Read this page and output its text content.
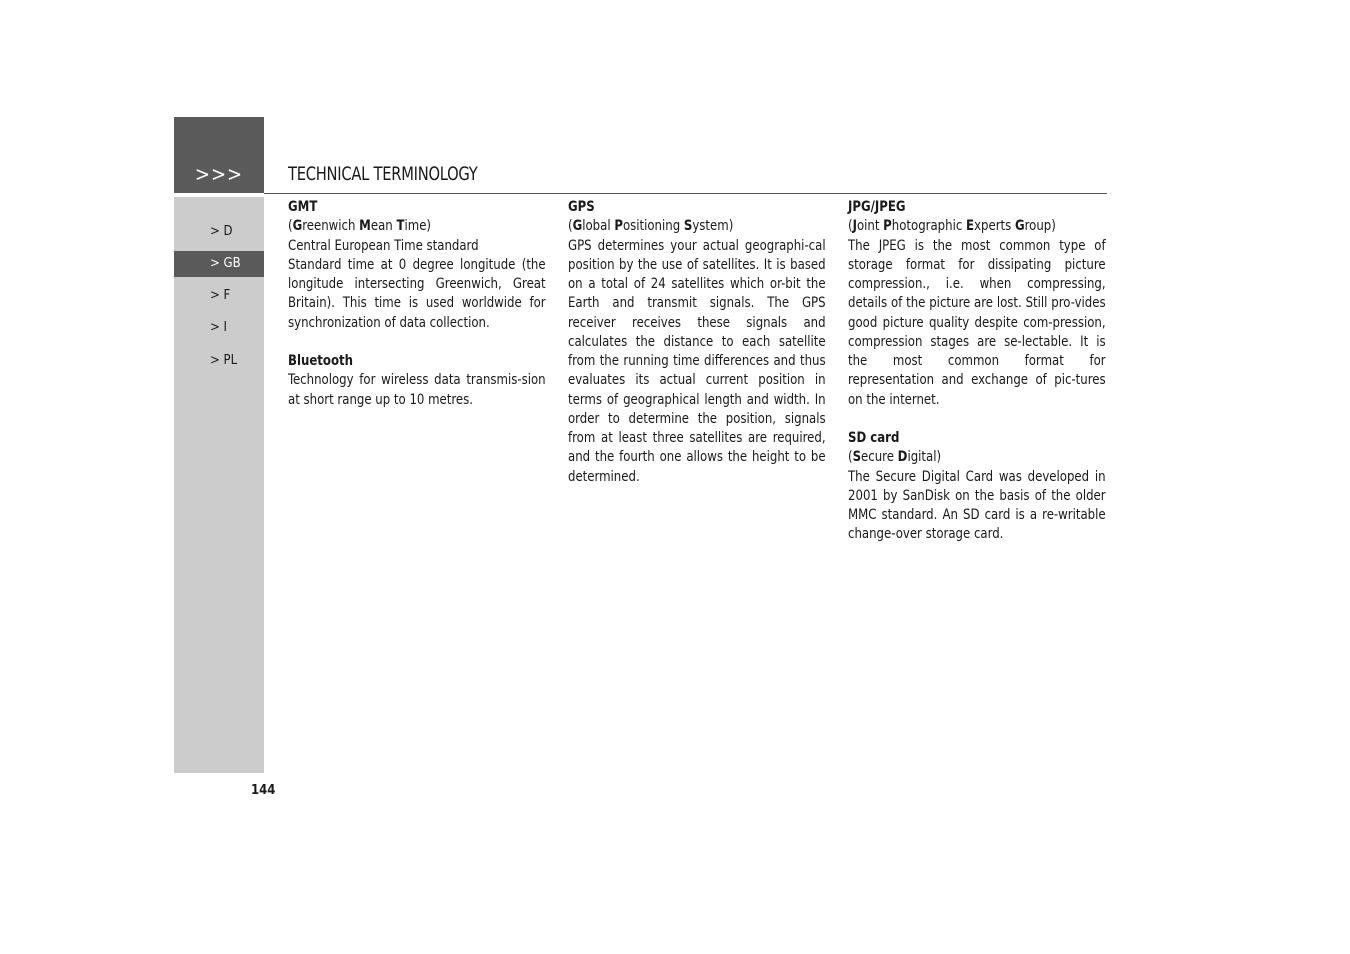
>>>
> D
> GB
> F
> I
> PL
TECHNICAL TERMINOLOGY

GMT

(Greenwich Mean Time)

Central European Time standard

Standard time at 0 degree longitude (the longitude intersecting Greenwich, Great Britain). This time is used worldwide for synchronization of data collection.

Bluetooth

Technology for wireless data transmis-sion at short range up to 10 metres.

GPS

(Global Positioning System)

GPS determines your actual geographi-cal position by the use of satellites. It is based on a total of 24 satellites which or-bit the Earth and transmit signals. The GPS receiver receives these signals and calculates the distance to each satellite from the running time differences and thus evaluates its actual current position in terms of geographical length and width. In order to determine the position, signals from at least three satellites are required, and the fourth one allows the height to be determined.

JPG/JPEG

(Joint Photographic Experts Group)

The JPEG is the most common type of storage format for dissipating picture compression., i.e. when compressing, details of the picture are lost. Still pro-vides good picture quality despite com-pression, compression stages are se-lectable. It is the most common format for representation and exchange of pic-tures on the internet.

SD card

(Secure Digital)

The Secure Digital Card was developed in 2001 by SanDisk on the basis of the older MMC standard. An SD card is a re-writable change-over storage card.

144
